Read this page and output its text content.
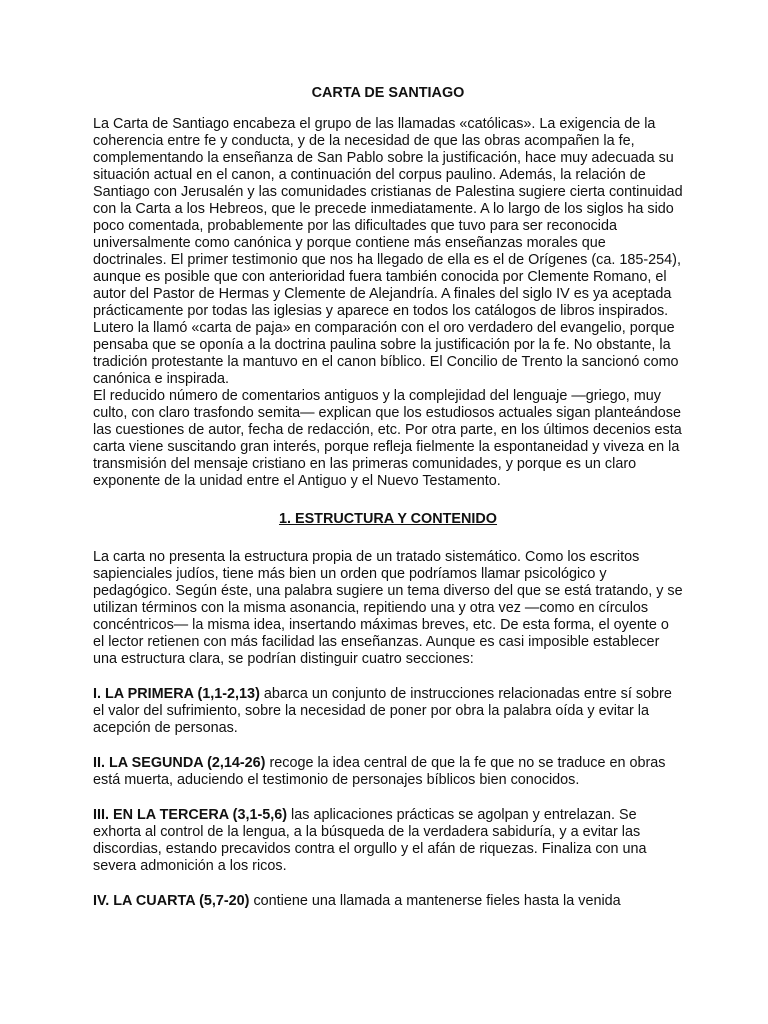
CARTA DE SANTIAGO

La Carta de Santiago encabeza el grupo de las llamadas «católicas». La exigencia de la coherencia entre fe y conducta, y de la necesidad de que las obras acompañen la fe, complementando la enseñanza de San Pablo sobre la justificación, hace muy adecuada su situación actual en el canon, a continuación del corpus paulino. Además, la relación de Santiago con Jerusalén y las comunidades cristianas de Palestina sugiere cierta continuidad con la Carta a los Hebreos, que le precede inmediatamente. A lo largo de los siglos ha sido poco comentada, probablemente por las dificultades que tuvo para ser reconocida universalmente como canónica y porque contiene más enseñanzas morales que doctrinales. El primer testimonio que nos ha llegado de ella es el de Orígenes (ca. 185-254), aunque es posible que con anterioridad fuera también conocida por Clemente Romano, el autor del Pastor de Hermas y Clemente de Alejandría. A finales del siglo IV es ya aceptada prácticamente por todas las iglesias y aparece en todos los catálogos de libros inspirados. Lutero la llamó «carta de paja» en comparación con el oro verdadero del evangelio, porque pensaba que se oponía a la doctrina paulina sobre la justificación por la fe. No obstante, la tradición protestante la mantuvo en el canon bíblico. El Concilio de Trento la sancionó como canónica e inspirada.

El reducido número de comentarios antiguos y la complejidad del lenguaje —griego, muy culto, con claro trasfondo semita— explican que los estudiosos actuales sigan planteándose las cuestiones de autor, fecha de redacción, etc. Por otra parte, en los últimos decenios esta carta viene suscitando gran interés, porque refleja fielmente la espontaneidad y viveza en la transmisión del mensaje cristiano en las primeras comunidades, y porque es un claro exponente de la unidad entre el Antiguo y el Nuevo Testamento.

1. ESTRUCTURA Y CONTENIDO

La carta no presenta la estructura propia de un tratado sistemático. Como los escritos sapienciales judíos, tiene más bien un orden que podríamos llamar psicológico y pedagógico. Según éste, una palabra sugiere un tema diverso del que se está tratando, y se utilizan términos con la misma asonancia, repitiendo una y otra vez —como en círculos concéntricos— la misma idea, insertando máximas breves, etc. De esta forma, el oyente o el lector retienen con más facilidad las enseñanzas. Aunque es casi imposible establecer una estructura clara, se podrían distinguir cuatro secciones:

I. LA PRIMERA (1,1-2,13) abarca un conjunto de instrucciones relacionadas entre sí sobre el valor del sufrimiento, sobre la necesidad de poner por obra la palabra oída y evitar la acepción de personas.

II. LA SEGUNDA (2,14-26) recoge la idea central de que la fe que no se traduce en obras está muerta, aduciendo el testimonio de personajes bíblicos bien conocidos.

III. EN LA TERCERA (3,1-5,6) las aplicaciones prácticas se agolpan y entrelazan. Se exhorta al control de la lengua, a la búsqueda de la verdadera sabiduría, y a evitar las discordias, estando precavidos contra el orgullo y el afán de riquezas. Finaliza con una severa admonición a los ricos.

IV. LA CUARTA (5,7-20) contiene una llamada a mantenerse fieles hasta la venida
